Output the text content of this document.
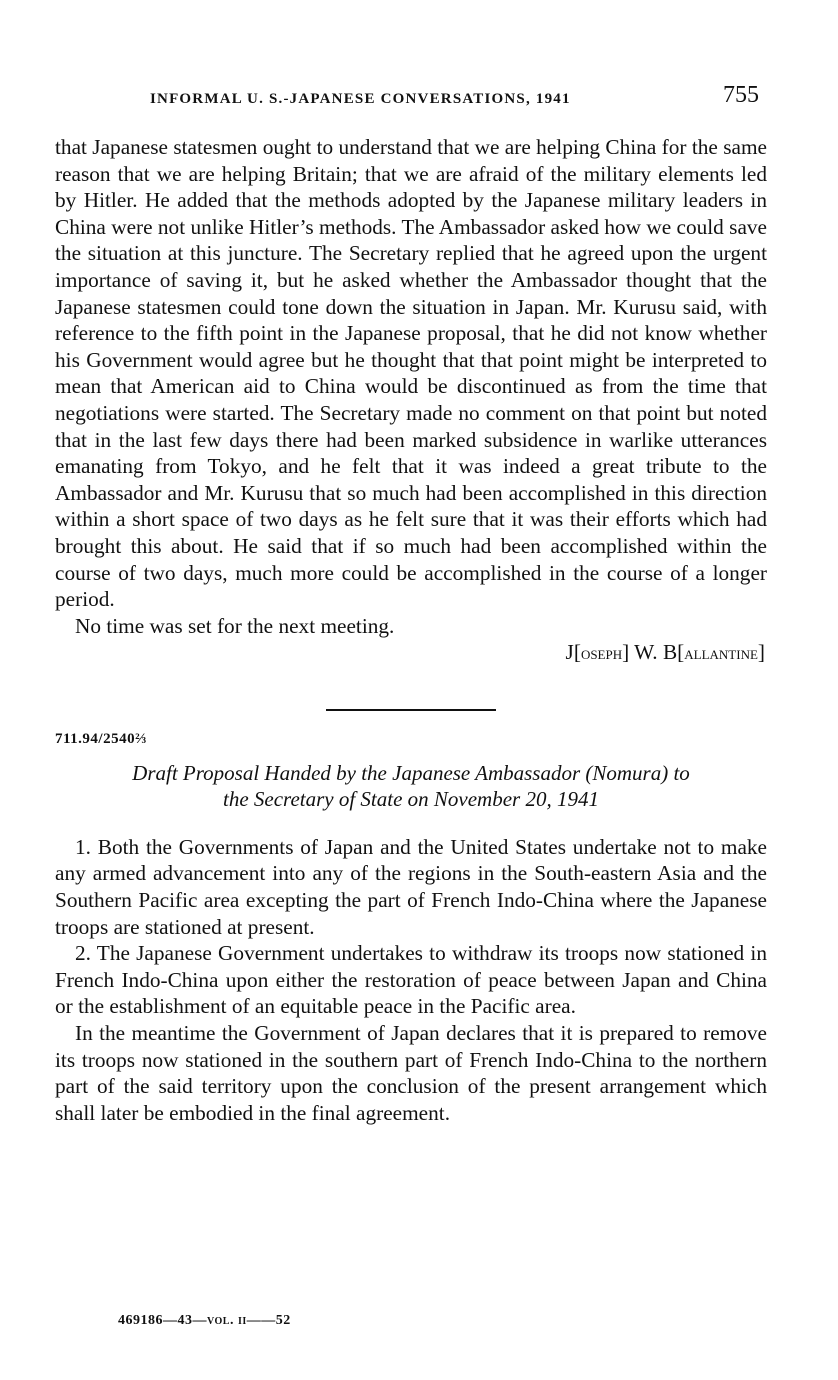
INFORMAL U. S.-JAPANESE CONVERSATIONS, 1941	755

that Japanese statesmen ought to understand that we are helping China for the same reason that we are helping Britain; that we are afraid of the military elements led by Hitler. He added that the methods adopted by the Japanese military leaders in China were not unlike Hitler’s methods. The Ambassador asked how we could save the situation at this juncture. The Secretary replied that he agreed upon the urgent importance of saving it, but he asked whether the Ambassador thought that the Japanese statesmen could tone down the situation in Japan. Mr. Kurusu said, with reference to the fifth point in the Japanese proposal, that he did not know whether his Government would agree but he thought that that point might be interpreted to mean that American aid to China would be discontinued as from the time that negotiations were started. The Secretary made no comment on that point but noted that in the last few days there had been marked subsidence in warlike utterances emanating from Tokyo, and he felt that it was indeed a great tribute to the Ambassador and Mr. Kurusu that so much had been accomplished in this direction within a short space of two days as he felt sure that it was their efforts which had brought this about. He said that if so much had been accomplished within the course of two days, much more could be accomplished in the course of a longer period.

No time was set for the next meeting.

J[oseph] W. B[allantine]
711.94/2540⅔
Draft Proposal Handed by the Japanese Ambassador (Nomura) to
the Secretary of State on November 20, 1941

1. Both the Governments of Japan and the United States undertake not to make any armed advancement into any of the regions in the South-eastern Asia and the Southern Pacific area excepting the part of French Indo-China where the Japanese troops are stationed at present.

2. The Japanese Government undertakes to withdraw its troops now stationed in French Indo-China upon either the restoration of peace between Japan and China or the establishment of an equitable peace in the Pacific area.

In the meantime the Government of Japan declares that it is prepared to remove its troops now stationed in the southern part of French Indo-China to the northern part of the said territory upon the conclusion of the present arrangement which shall later be embodied in the final agreement.

469186—43—vol. ii——52
